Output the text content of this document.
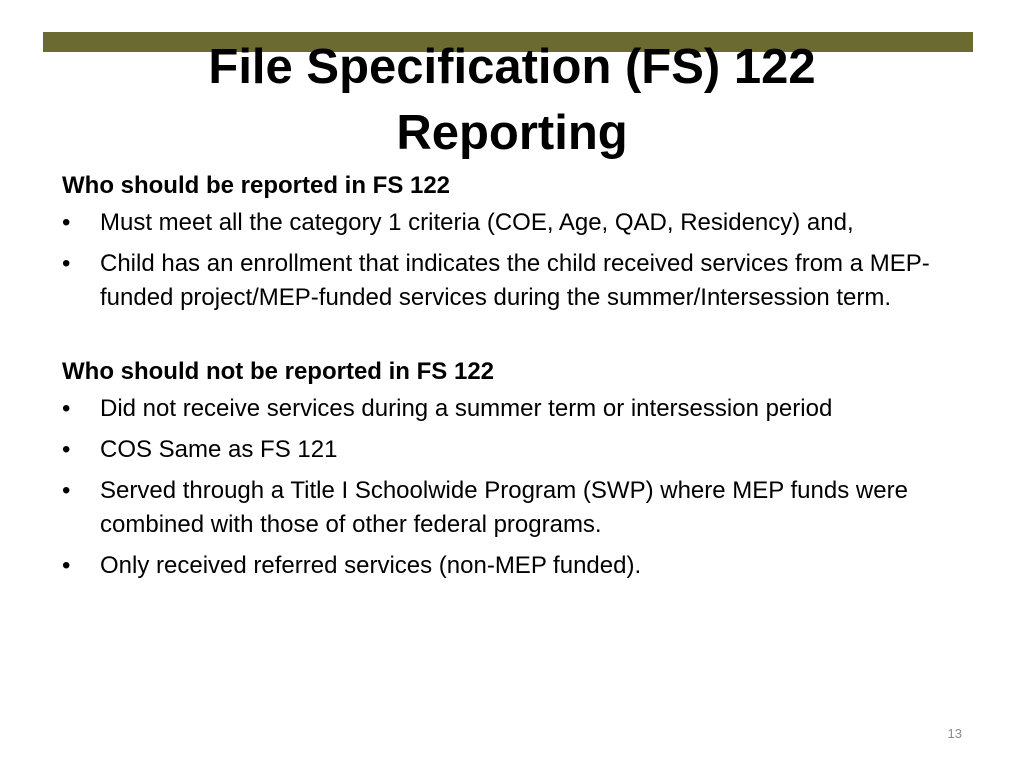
File Specification (FS) 122
Reporting

Who should be reported in FS 122

•	Must meet all the category 1 criteria (COE, Age, QAD, Residency) and,
•	Child has an enrollment that indicates the child received services from a MEP-funded project/MEP-funded services during the summer/Intersession term.

Who should not be reported in FS 122

•	Did not receive services during a summer term or intersession period
•	COS Same as FS 121
•	Served through a Title I Schoolwide Program (SWP) where MEP funds were combined with those of other federal programs.
•	Only received referred services (non-MEP funded).
13
